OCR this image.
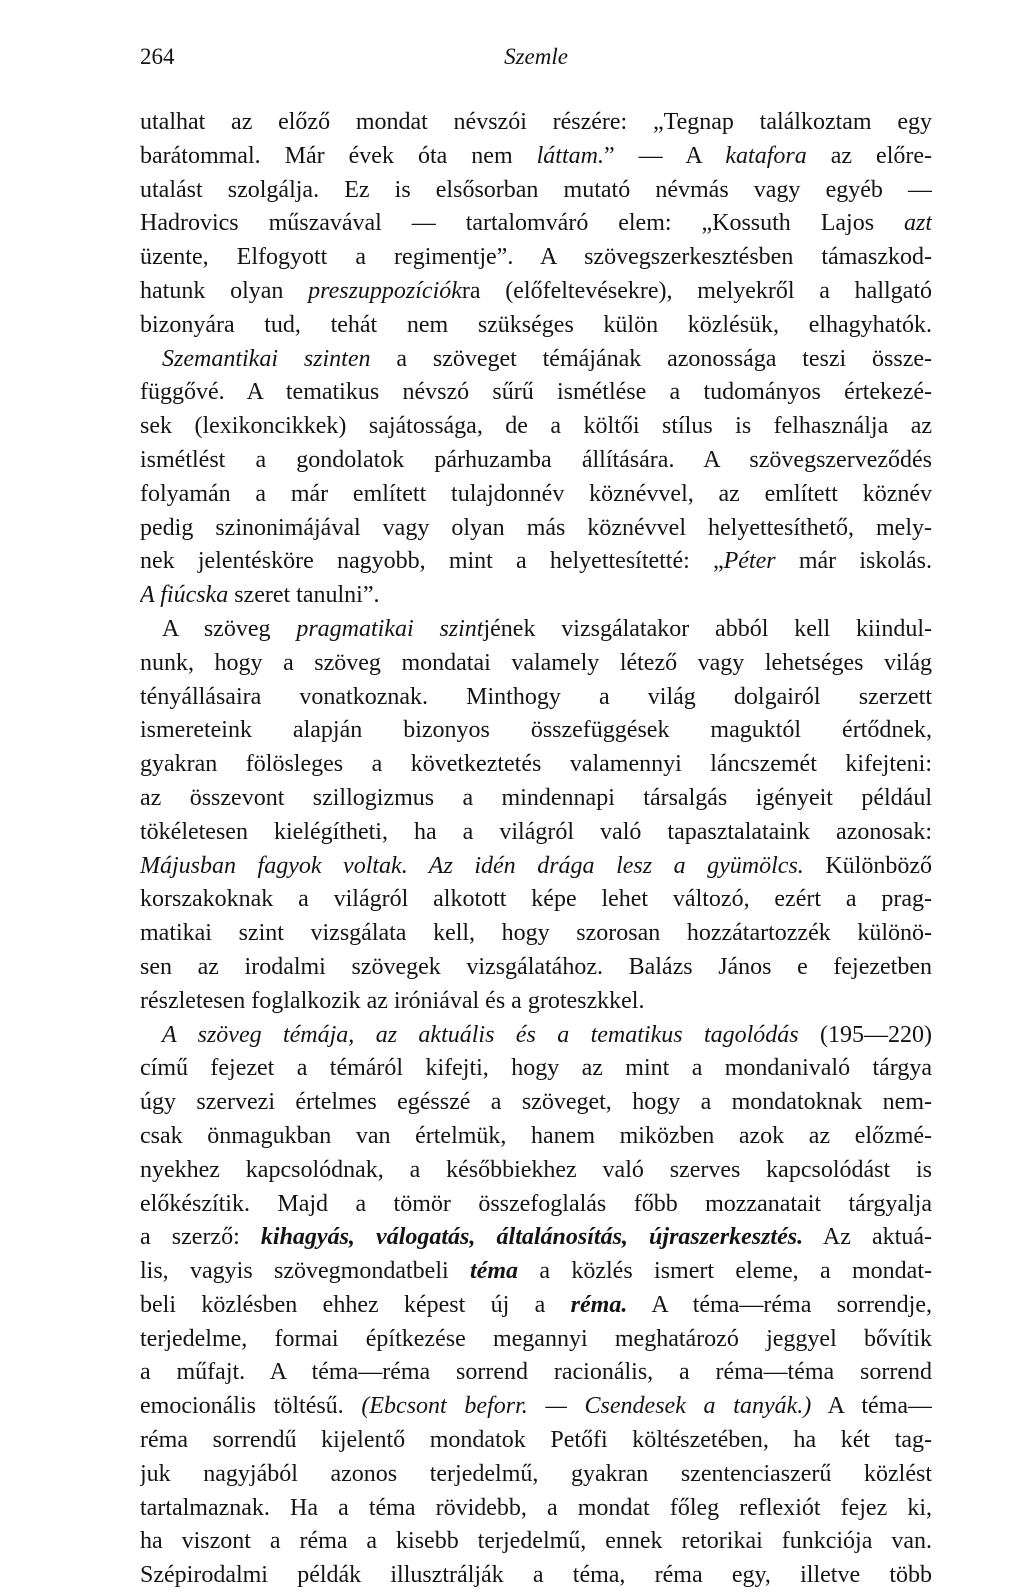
264	Szemle
utalhat az előző mondat névszói részére: „Tegnap találkoztam egy
barátommal. Már évek óta nem láttam.” — A katafora az előre-
utalást szolgálja. Ez is elsősorban mutató névmás vagy egyéb —
Hadrovics műszavával — tartalomváró elem: „Kossuth Lajos azt
üzente, Elfogyott a regimentje”. A szövegszerkesztésben támaszkod-
hatunk olyan preszuppozíciókra (előfeltevésekre), melyekről a hallgató
bizonyára tud, tehát nem szükséges külön közlésük, elhagyhatók.
Szemantikai szinten a szöveget témájának azonossága teszi össze-
függővé. A tematikus névszó sűrű ismétlése a tudományos értekezé-
sek (lexikoncikkek) sajátossága, de a költői stílus is felhasználja az
ismétlést a gondolatok párhuzamba állítására. A szövegszerveződés
folyamán a már említett tulajdonnév köznévvel, az említett köznév
pedig szinonimájával vagy olyan más köznévvel helyettesíthető, mely-
nek jelentésköre nagyobb, mint a helyettesítetté: „Péter már iskolás.
A fiúcska szeret tanulni”.
A szöveg pragmatikai szintjének vizsgálatakor abból kell kiindul-
nunk, hogy a szöveg mondatai valamely létező vagy lehetséges világ
tényállásaira vonatkoznak. Minthogy a világ dolgairól szerzett
ismereteink alapján bizonyos összefüggések maguktól értődnek,
gyakran fölösleges a következtetés valamennyi láncszemét kifejteni:
az összevont szillogizmus a mindennapi társalgás igényeit például
tökéletesen kielégítheti, ha a világról való tapasztalataink azonosak:
Májusban fagyok voltak. Az idén drága lesz a gyümölcs. Különböző
korszakoknak a világról alkotott képe lehet változó, ezért a prag-
matikai szint vizsgálata kell, hogy szorosan hozzátartozzék különö-
sen az irodalmi szövegek vizsgálatához. Balázs János e fejezetben
részletesen foglalkozik az iróniával és a groteszkkel.
A szöveg témája, az aktuális és a tematikus tagolódás (195—220)
című fejezet a témáról kifejti, hogy az mint a mondanivaló tárgya
úgy szervezi értelmes egésszé a szöveget, hogy a mondatoknak nem-
csak önmagukban van értelmük, hanem miközben azok az előzmé-
nyekhez kapcsolódnak, a későbbiekhez való szerves kapcsolódást is
előkészítik. Majd a tömör összefoglalás főbb mozzanatait tárgyalja
a szerző: kihagyás, válogatás, általánosítás, újraszerkesztés. Az aktuá-
lis, vagyis szövegmondatbeli téma a közlés ismert eleme, a mondat-
beli közlésben ehhez képest új a réma. A téma—réma sorrendje,
terjedelme, formai építkezése megannyi meghatározó jeggyel bővítik
a műfajt. A téma—réma sorrend racionális, a réma—téma sorrend
emocionális töltésű. (Ebcsont beforr. — Csendesek a tanyák.) A téma—
réma sorrendű kijelentő mondatok Petőfi költészetében, ha két tag-
juk nagyjából azonos terjedelmű, gyakran szentenciaszerű közlést
tartalmaznak. Ha a téma rövidebb, a mondat főleg reflexiót fejez ki,
ha viszont a réma a kisebb terjedelmű, ennek retorikai funkciója van.
Szépirodalmi példák illusztrálják a téma, réma egy, illetve több
